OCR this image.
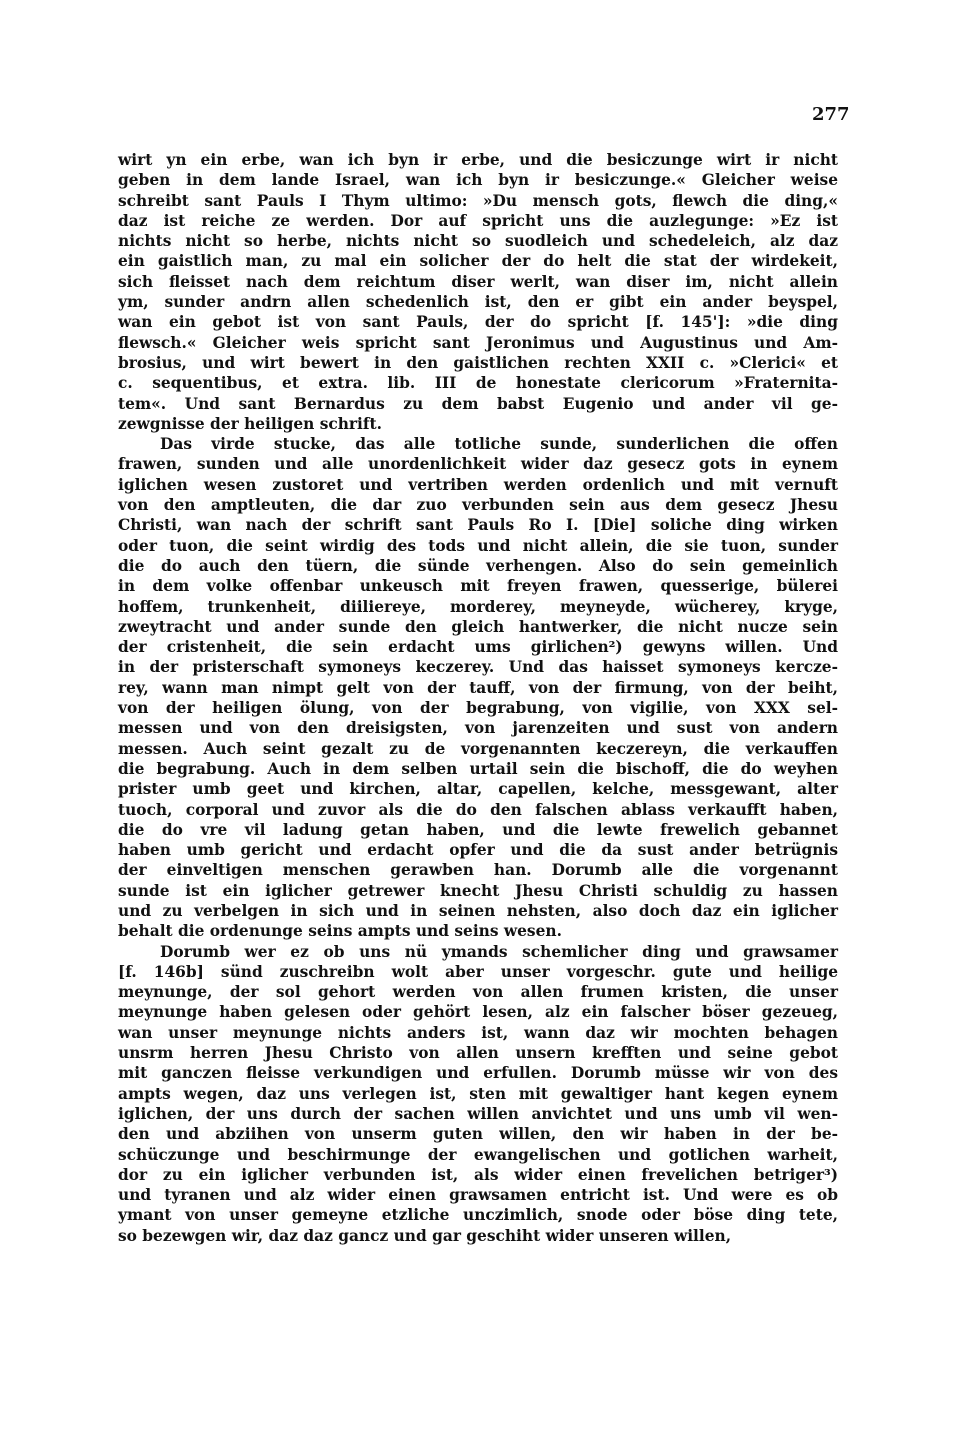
277
wirt yn ein erbe, wan ich byn ir erbe, und die besiczunge wirt ir nicht
geben in dem lande Israel, wan ich byn ir besiczunge.« Gleicher weise
schreibt sant Pauls I Thym ultimo: »Du mensch gots, flewch die ding,«
daz ist reiche ze werden. Dor auf spricht uns die auzlegunge: »Ez ist
nichts nicht so herbe, nichts nicht so suodleich und schedeleich, alz daz
ein gaistlich man, zu mal ein solicher der do helt die stat der wirdekeit,
sich fleisset nach dem reichtum diser werlt, wan diser im, nicht allein
ym, sunder andrn allen schedenlich ist, den er gibt ein ander beyspel,
wan ein gebot ist von sant Pauls, der do spricht [f. 145']: »die ding
flewsch.« Gleicher weis spricht sant Jeronimus und Augustinus und Am-
brosius, und wirt bewert in den gaistlichen rechten XXII c. »Clerici« et
c. sequentibus, et extra. lib. III de honestate clericorum »Fraternita-
tem«. Und sant Bernardus zu dem babst Eugenio und ander vil ge-
zewgnisse der heiligen schrift.
Das virde stucke, das alle totliche sunde, sunderlichen die offen
frawen, sunden und alle unordenlichkeit wider daz gesecz gots in eynem
iglichen wesen zustoret und vertriben werden ordenlich und mit vernuft
von den amptleuten, die dar zuo verbunden sein aus dem gesecz Jhesu
Christi, wan nach der schrift sant Pauls Ro I. [Die] soliche ding wirken
oder tuon, die seint wirdig des tods und nicht allein, die sie tuon, sunder
die do auch den tüern, die sünde verhengen. Also do sein gemeinlich
in dem volke offenbar unkeusch mit freyen frawen, quesserige, bülerei
hoffem, trunkenheit, diiliereye, morderey, meyneyde, wücherey, kryge,
zweytracht und ander sunde den gleich hantwerker, die nicht nucze sein
der cristenheit, die sein erdacht ums girlichen²) gewyns willen. Und
in der pristerschaft symoneys keczerey. Und das haisset symoneys kercze-
rey, wann man nimpt gelt von der tauff, von der firmung, von der beiht,
von der heiligen ölung, von der begrabung, von vigilie, von XXX sel-
messen und von den dreisigsten, von jarenzeiten und sust von andern
messen. Auch seint gezalt zu de vorgenannten keczereyn, die verkauffen
die begrabung. Auch in dem selben urtail sein die bischoff, die do weyhen
prister umb geet und kirchen, altar, capellen, kelche, messgewant, alter
tuoch, corporal und zuvor als die do den falschen ablass verkaufft haben,
die do vre vil ladung getan haben, und die lewte frewelich gebannet
haben umb gericht und erdacht opfer und die da sust ander betrügnis
der einveltigen menschen gerawben han. Dorumb alle die vorgenannt
sunde ist ein iglicher getrewer knecht Jhesu Christi schuldig zu hassen
und zu verbelgen in sich und in seinen nehsten, also doch daz ein iglicher
behalt die ordenunge seins ampts und seins wesen.
Dorumb wer ez ob uns nü ymands schemlicher ding und grawsamer
[f. 146b] sünd zuschreibn wolt aber unser vorgeschr. gute und heilige
meynunge, der sol gehort werden von allen frumen kristen, die unser
meynunge haben gelesen oder gehört lesen, alz ein falscher böser gezeueg,
wan unser meynunge nichts anders ist, wann daz wir mochten behagen
unsrm herren Jhesu Christo von allen unsern krefften und seine gebot
mit ganczen fleisse verkundigen und erfullen. Dorumb müsse wir von des
ampts wegen, daz uns verlegen ist, sten mit gewaltiger hant kegen eynem
iglichen, der uns durch der sachen willen anvichtet und uns umb vil wen-
den und abziihen von unserm guten willen, den wir haben in der be-
schüczunge und beschirmunge der ewangelischen und gotlichen warheit,
dor zu ein iglicher verbunden ist, als wider einen frevelichen betriger³)
und tyranen und alz wider einen grawsamen entricht ist. Und were es ob
ymant von unser gemeyne etzliche unczimlich, snode oder böse ding tete,
so bezewgen wir, daz daz gancz und gar geschiht wider unseren willen,
